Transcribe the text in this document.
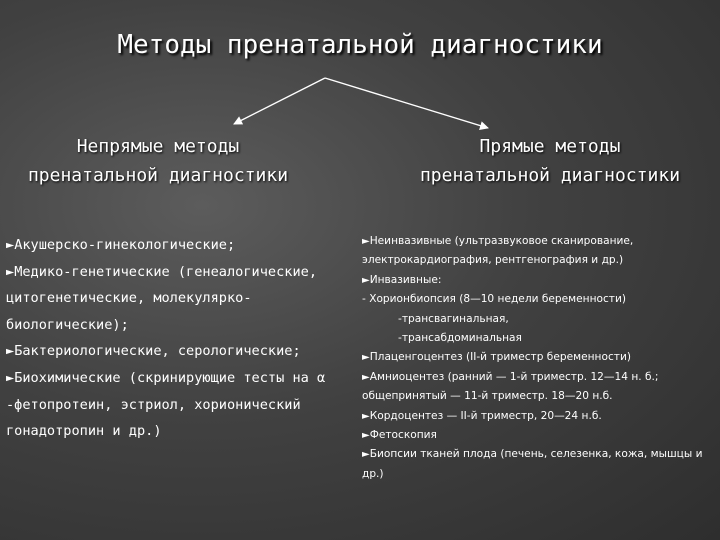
Методы пренатальной диагностики
Непрямые методы
пренатальной диагностики
Прямые методы
пренатальной диагностики

►Акушерско-гинекологические;

►Медико-генетические (генеалогические, цитогенетические, молекулярко-биологические);

►Бактериологические, серологические;

►Биохимические (скринирующие тесты на α -фетопротеин, эстриол, хорионический гонадотропин и др.)

►Неинвазивные (ультразвуковое сканирование, электрокардиография, рентгенография и др.)

►Инвазивные:

- Хорионбиопсия (8—10 недели беременности)

-трансвагинальная,

-трансабдоминальная

►Плаценгоцентез (II-й триместр беременности)

►Амниоцентез (ранний — 1-й триместр. 12—14 н. б.; общепринятый — 11-й триместр. 18—20 н.б.

►Кордоцентез — II-й триместр, 20—24 н.б.

►Фетоскопия

►Биопсии тканей плода (печень, селезенка, кожа, мышцы и др.)
